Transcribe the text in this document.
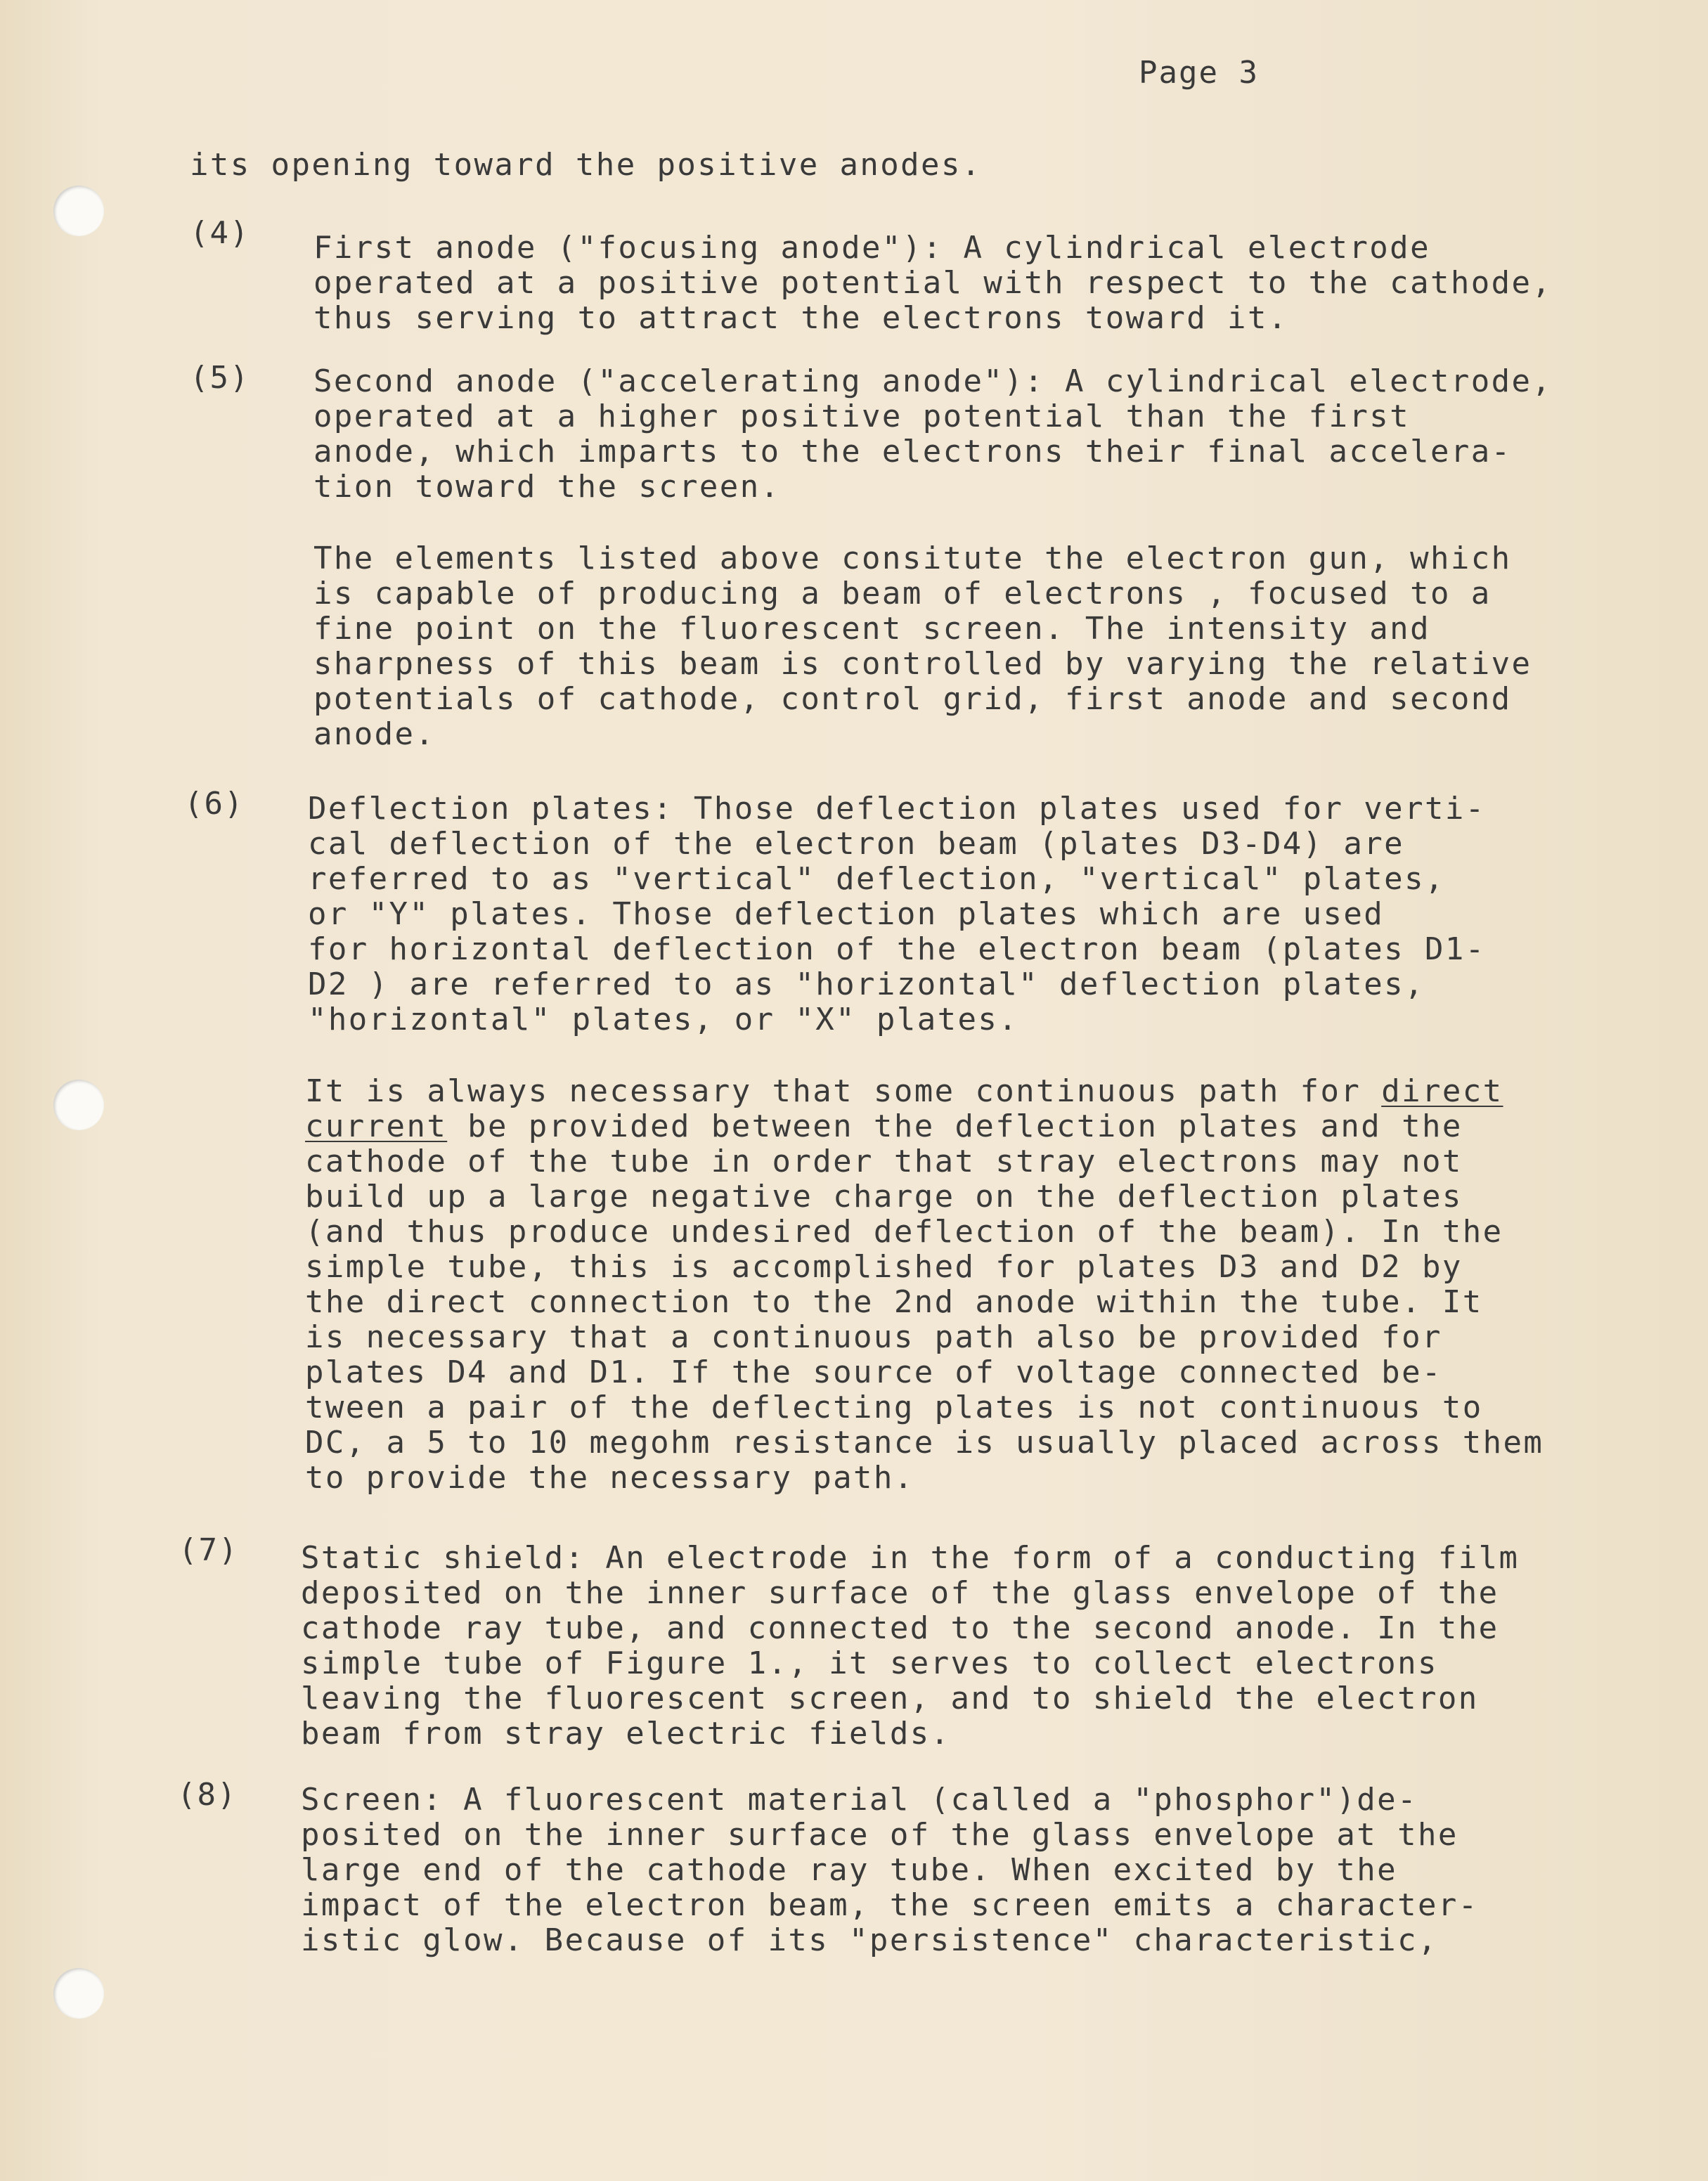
Page 3
its opening toward the positive anodes.
(4) First anode ("focusing anode"): A cylindrical electrode
operated at a positive potential with respect to the cathode,
thus serving to attract the electrons toward it.
(5) Second anode ("accelerating anode"): A cylindrical electrode,
operated at a higher positive potential than the first
anode, which imparts to the electrons their final accelera-
tion toward the screen.
The elements listed above consitute the electron gun, which
is capable of producing a beam of electrons , focused to a
fine point on the fluorescent screen. The intensity and
sharpness of this beam is controlled by varying the relative
potentials of cathode, control grid, first anode and second
anode.
(6) Deflection plates: Those deflection plates used for verti-
cal deflection of the electron beam (plates D3-D4) are
referred to as "vertical" deflection, "vertical" plates,
or "Y" plates. Those deflection plates which are used
for horizontal deflection of the electron beam (plates D1-
D2 ) are referred to as "horizontal" deflection plates,
"horizontal" plates, or "X" plates.
It is always necessary that some continuous path for direct
current be provided between the deflection plates and the
cathode of the tube in order that stray electrons may not
build up a large negative charge on the deflection plates
(and thus produce undesired deflection of the beam). In the
simple tube, this is accomplished for plates D3 and D2 by
the direct connection to the 2nd anode within the tube. It
is necessary that a continuous path also be provided for
plates D4 and D1. If the source of voltage connected be-
tween a pair of the deflecting plates is not continuous to
DC, a 5 to 10 megohm resistance is usually placed across them
to provide the necessary path.
(7) Static shield: An electrode in the form of a conducting film
deposited on the inner surface of the glass envelope of the
cathode ray tube, and connected to the second anode. In the
simple tube of Figure 1., it serves to collect electrons
leaving the fluorescent screen, and to shield the electron
beam from stray electric fields.
(8) Screen: A fluorescent material (called a "phosphor")de-
posited on the inner surface of the glass envelope at the
large end of the cathode ray tube. When excited by the
impact of the electron beam, the screen emits a character-
istic glow. Because of its "persistence" characteristic,
